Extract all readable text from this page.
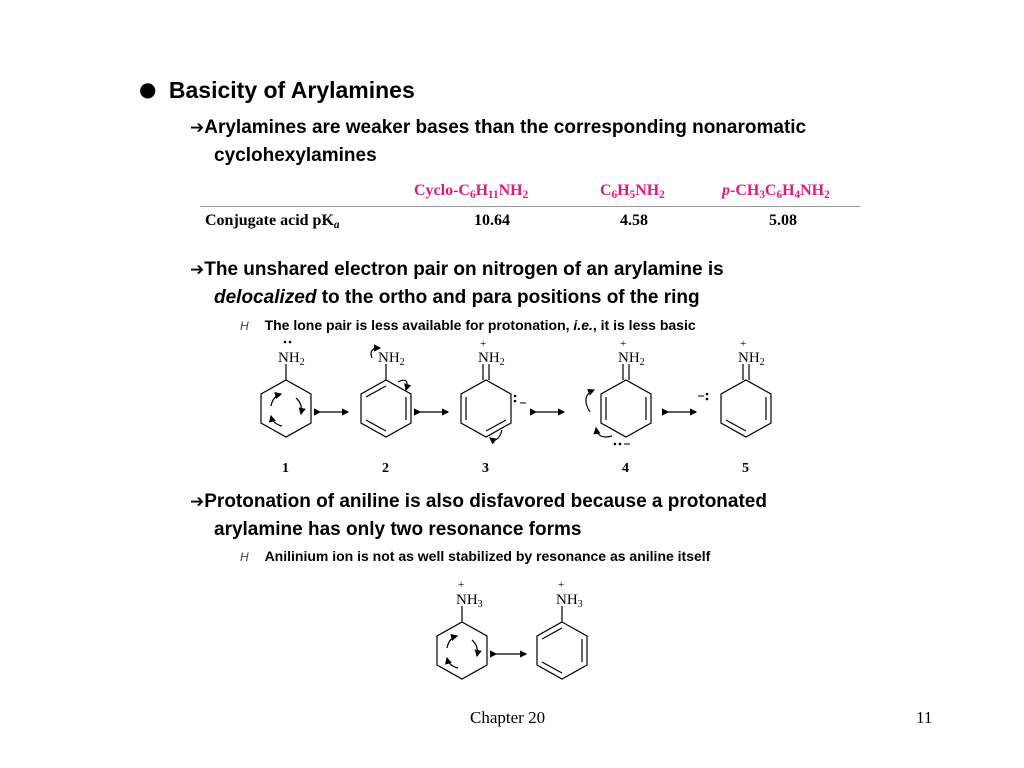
● Basicity of Arylamines
➔Arylamines are weaker bases than the corresponding nonaromatic
cyclohexylamines
Cyclo-$C_6H_{11}NH_2$	$C_6H_5NH_2$	$p-CH_3C_6H_4NH_2$
Conjugate acid $pK_a$	10.64	4.58	5.08
➔The unshared electron pair on nitrogen of an arylamine is
delocalized to the ortho and para positions of the ring
H The lone pair is less available for protonation, i.e., it is less basic
$NH_2$	$NH_2$	$NH_2$	$NH_2$	$NH_2$
+	+	+
1	2	3	4	5
➔Protonation of aniline is also disfavored because a protonated
arylamine has only two resonance forms
H Anilinium ion is not as well stabilized by resonance as aniline itself
$NH_3$	$NH_3$
+	+
Chapter 20	11
